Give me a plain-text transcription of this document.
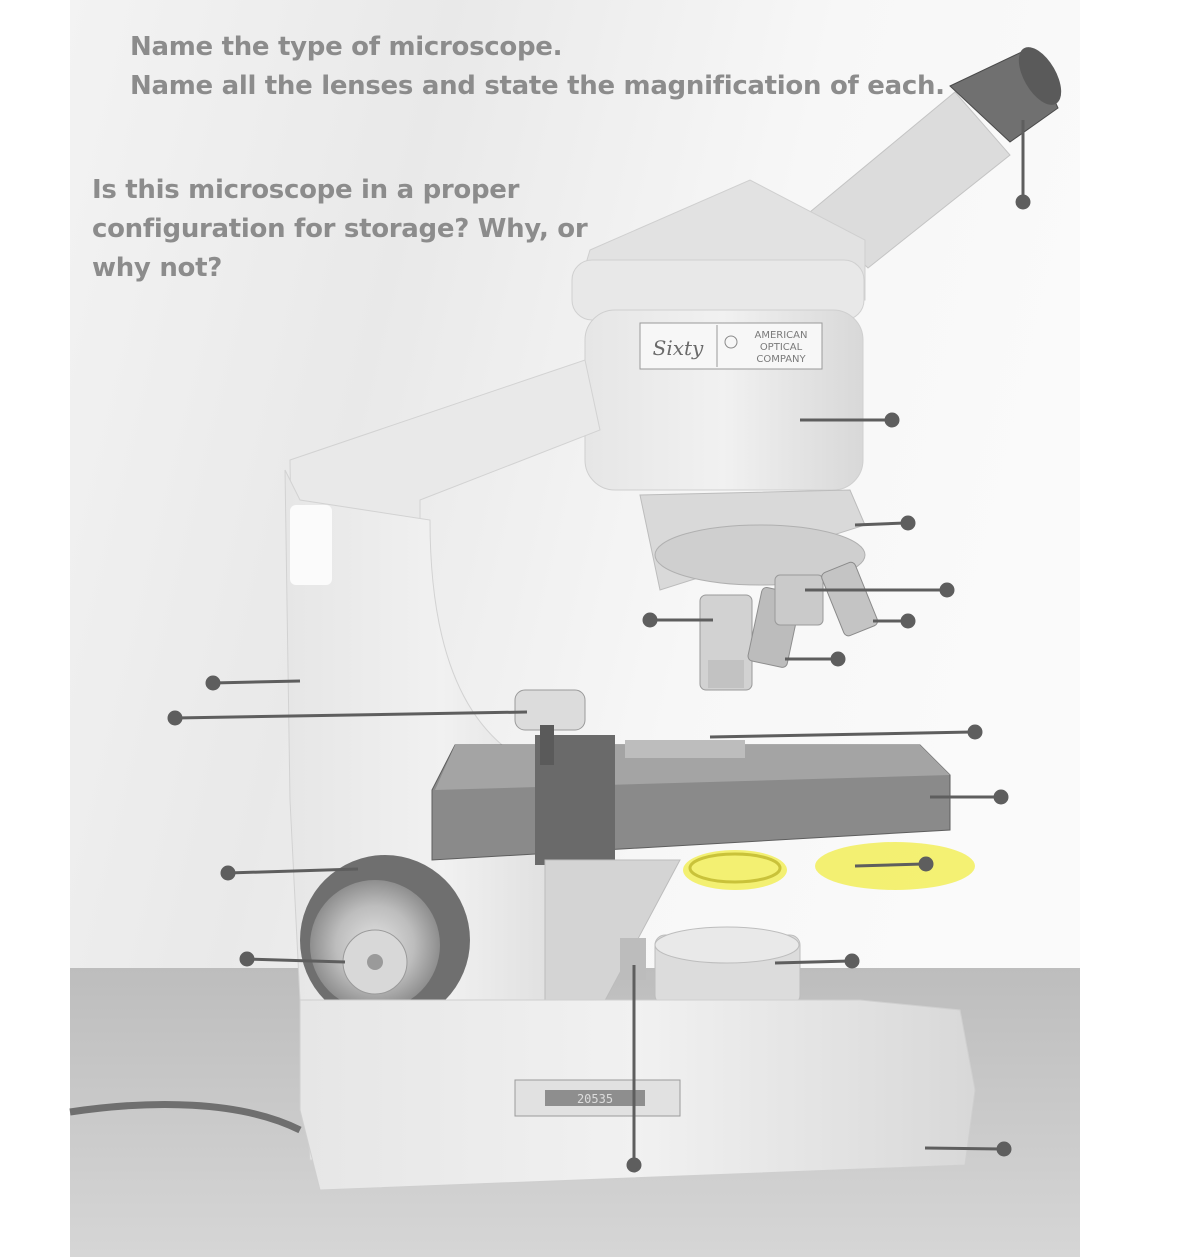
Sixty
AMERICAN
OPTICAL
COMPANY
20535
Name the type of microscope.
Name all the lenses and state the magnification of each.
Is this microscope in a proper
configuration for storage? Why, or
why not?
